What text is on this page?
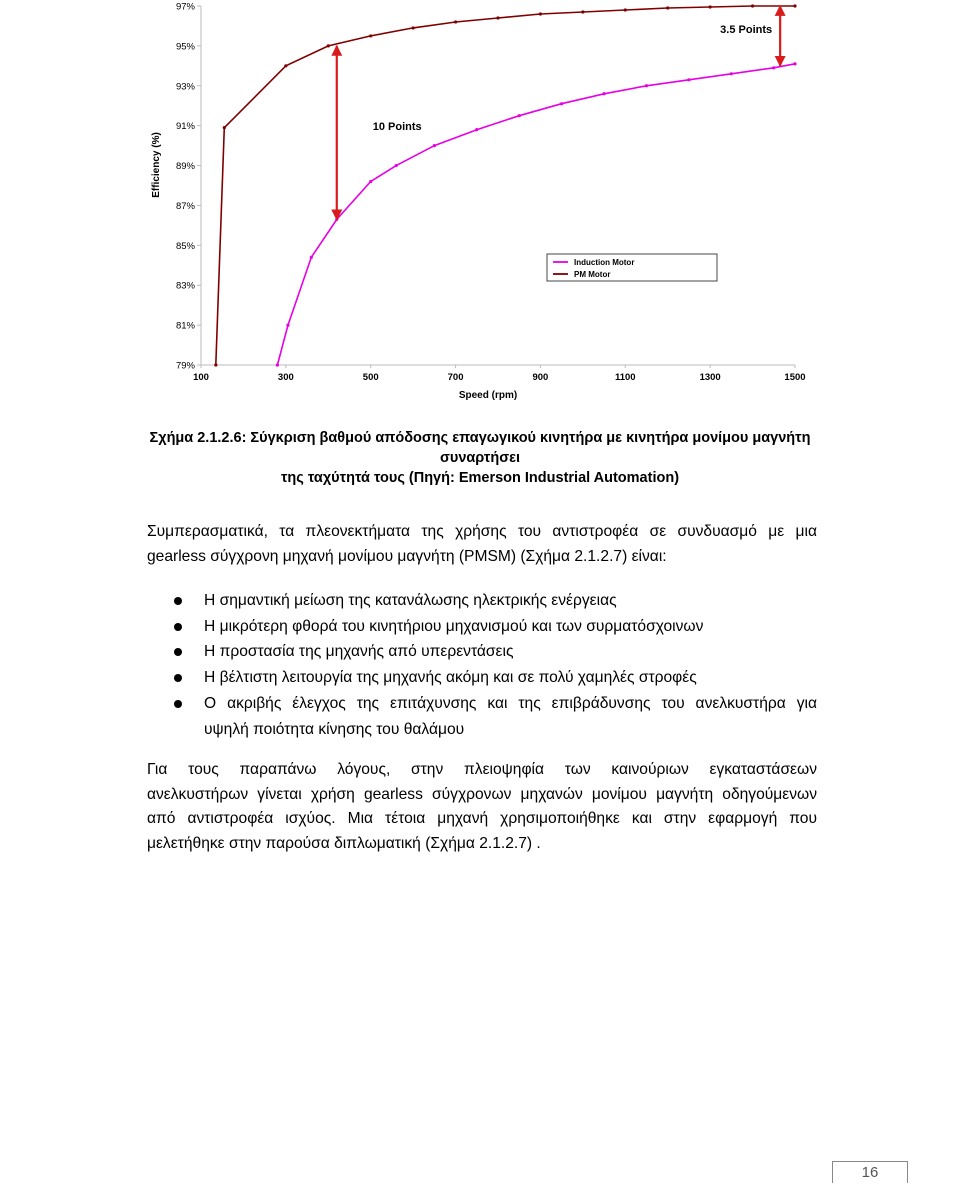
97%
95%
93%
91%
89%
87%
85%
83%
81%
79%
100	300	500	700	900	1100	1300	1500
Speed (rpm)
Efficiency (%)
10 Points
3.5 Points
Induction Motor
PM Motor
Σχήμα 2.1.2.6: Σύγκριση βαθμού απόδοσης επαγωγικού κινητήρα με κινητήρα μονίμου μαγνήτη συναρτήσει
της ταχύτητά τους (Πηγή: Emerson Industrial Automation)
Συμπερασματικά, τα πλεονεκτήματα της χρήσης του αντιστροφέα σε συνδυασμό με μια
gearless σύγχρονη μηχανή μονίμου μαγνήτη (PMSM) (Σχήμα 2.1.2.7) είναι:
Η σημαντική μείωση της κατανάλωσης ηλεκτρικής ενέργειας
Η μικρότερη φθορά του κινητήριου μηχανισμού και των συρματόσχοινων
Η προστασία της μηχανής από υπερεντάσεις
Η βέλτιστη λειτουργία της μηχανής ακόμη και σε πολύ χαμηλές στροφές
Ο ακριβής έλεγχος της επιτάχυνσης και της επιβράδυνσης του ανελκυστήρα για
υψηλή ποιότητα κίνησης του θαλάμου
Για τους παραπάνω λόγους, στην πλειοψηφία των καινούριων εγκαταστάσεων
ανελκυστήρων γίνεται χρήση gearless σύγχρονων μηχανών μονίμου μαγνήτη οδηγούμενων
από αντιστροφέα ισχύος. Μια τέτοια μηχανή χρησιμοποιήθηκε και στην εφαρμογή που
μελετήθηκε στην παρούσα διπλωματική (Σχήμα 2.1.2.7) .
16
